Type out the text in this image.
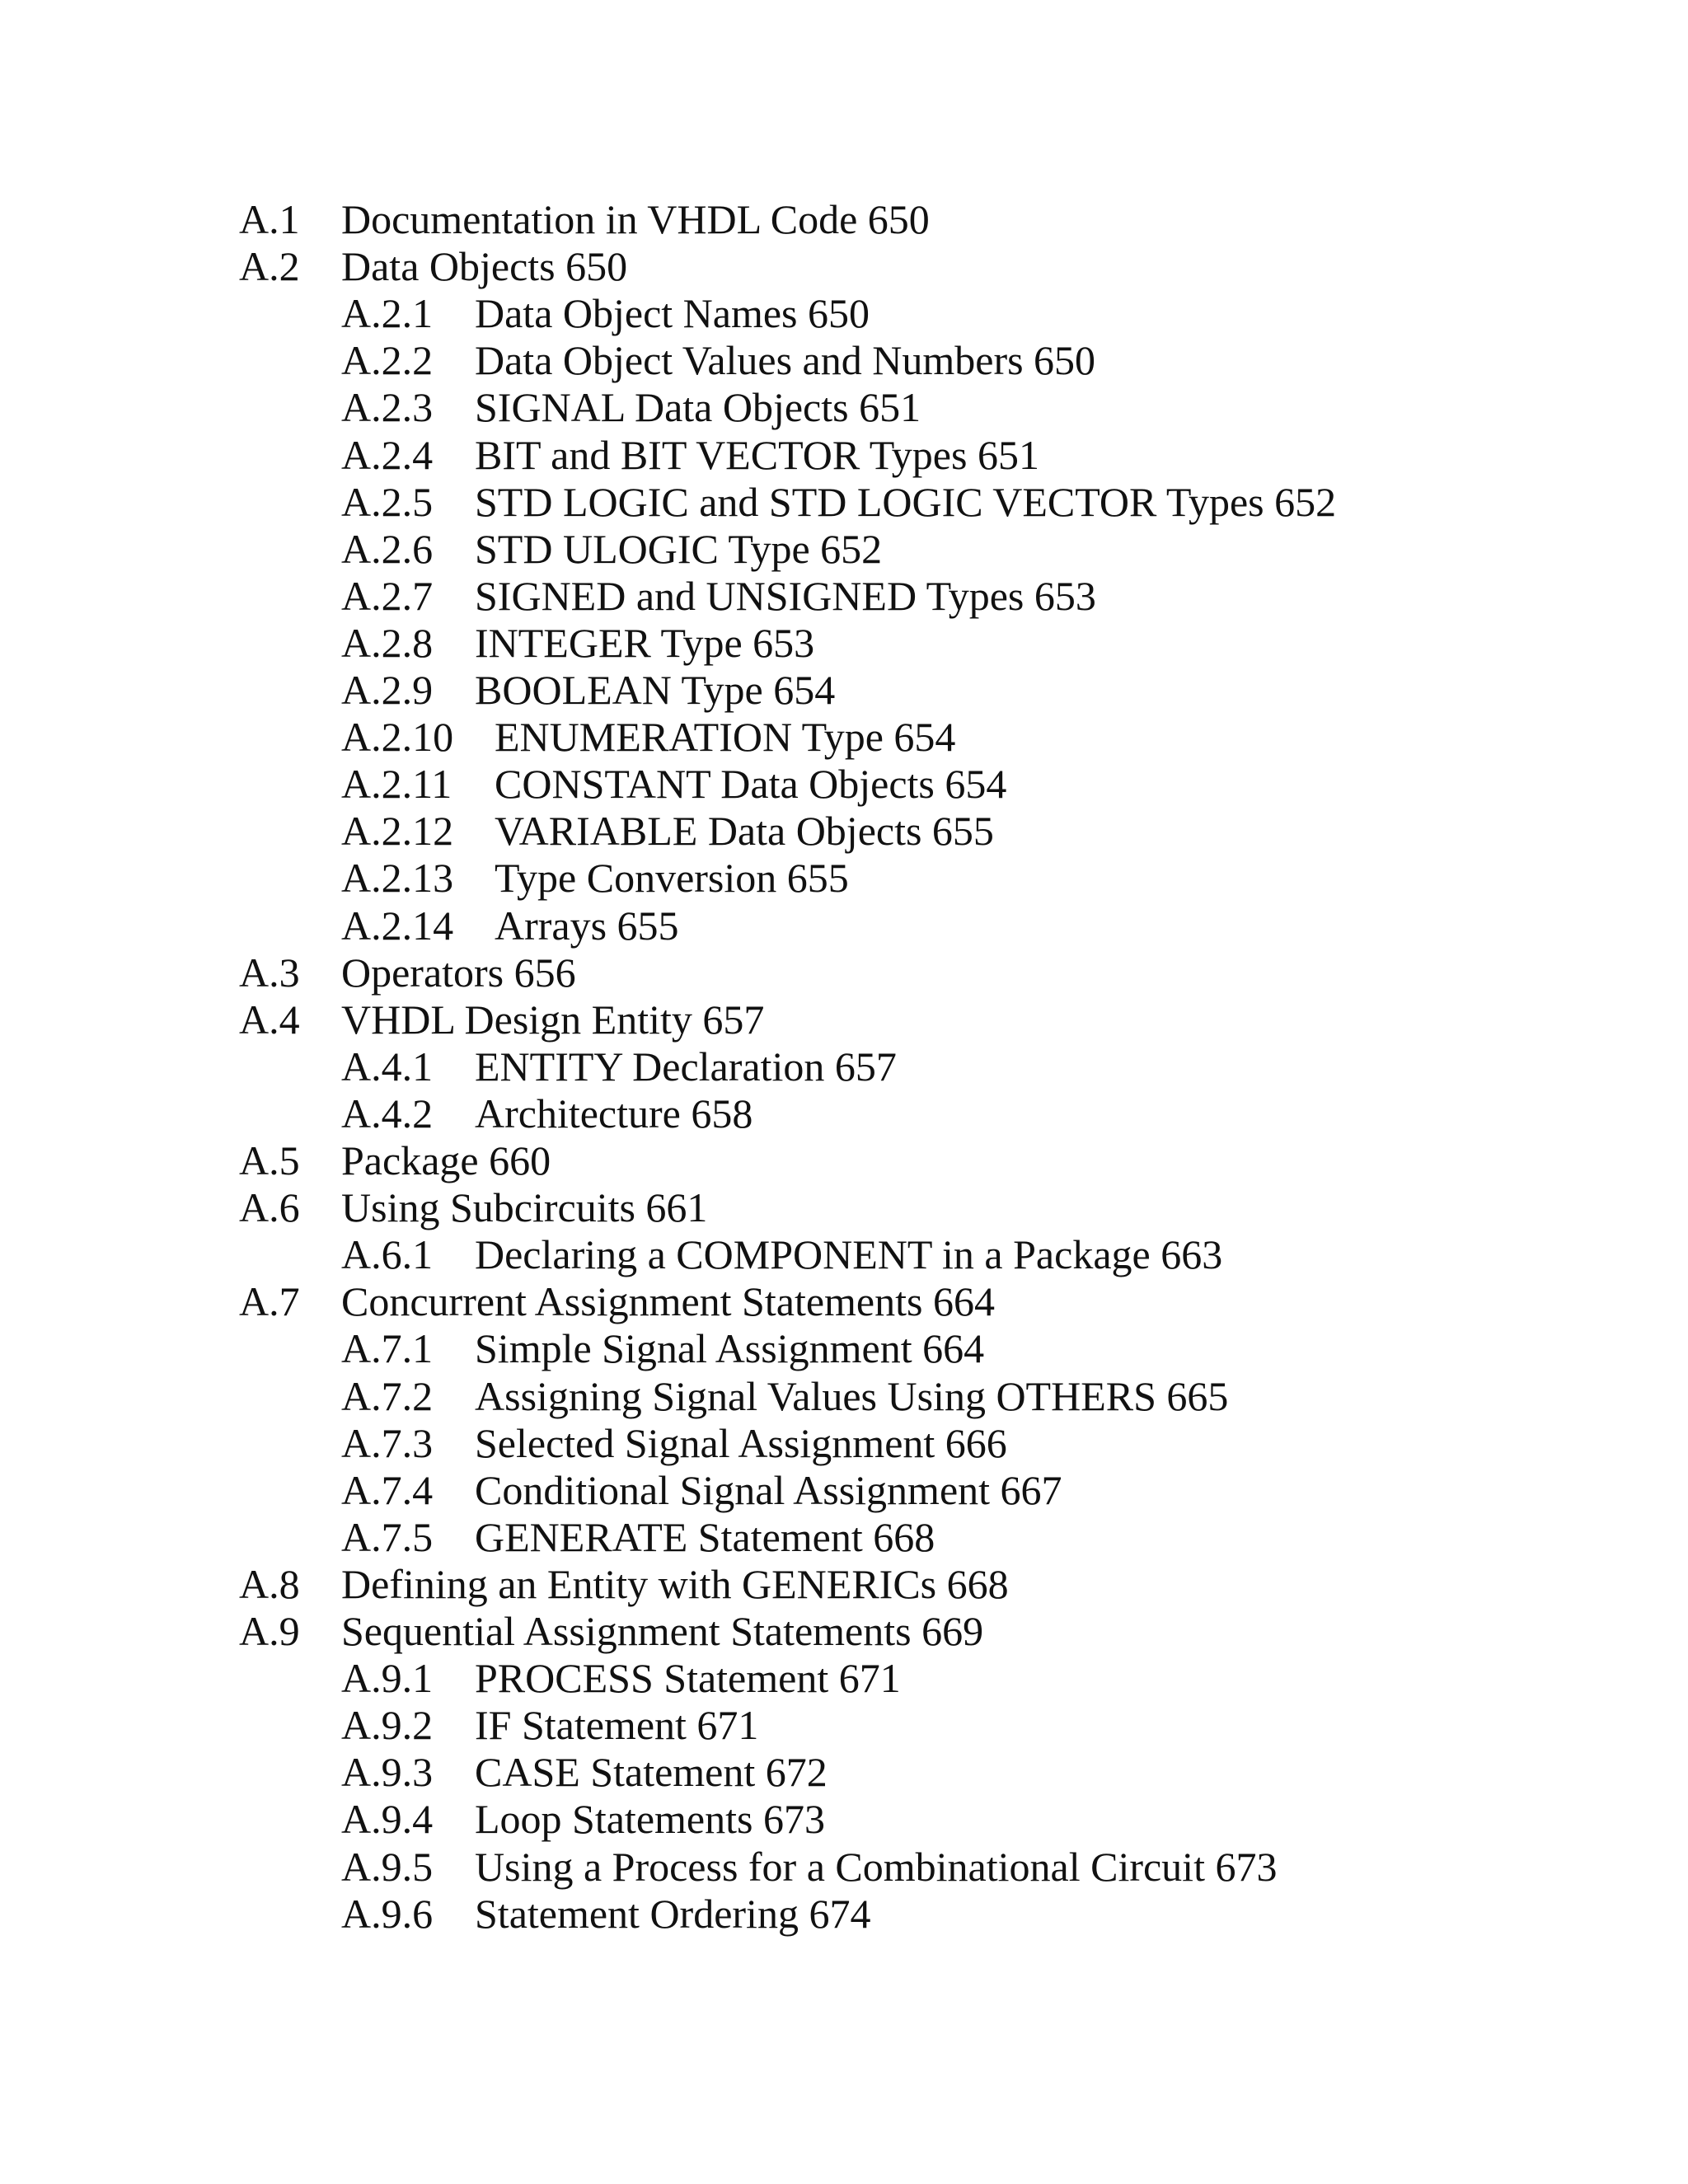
A.1 Documentation in VHDL Code 650
A.2 Data Objects 650
A.2.1 Data Object Names 650
A.2.2 Data Object Values and Numbers 650
A.2.3 SIGNAL Data Objects 651
A.2.4 BIT and BIT VECTOR Types 651
A.2.5 STD LOGIC and STD LOGIC VECTOR Types 652
A.2.6 STD ULOGIC Type 652
A.2.7 SIGNED and UNSIGNED Types 653
A.2.8 INTEGER Type 653
A.2.9 BOOLEAN Type 654
A.2.10 ENUMERATION Type 654
A.2.11 CONSTANT Data Objects 654
A.2.12 VARIABLE Data Objects 655
A.2.13 Type Conversion 655
A.2.14 Arrays 655
A.3 Operators 656
A.4 VHDL Design Entity 657
A.4.1 ENTITY Declaration 657
A.4.2 Architecture 658
A.5 Package 660
A.6 Using Subcircuits 661
A.6.1 Declaring a COMPONENT in a Package 663
A.7 Concurrent Assignment Statements 664
A.7.1 Simple Signal Assignment 664
A.7.2 Assigning Signal Values Using OTHERS 665
A.7.3 Selected Signal Assignment 666
A.7.4 Conditional Signal Assignment 667
A.7.5 GENERATE Statement 668
A.8 Defining an Entity with GENERICs 668
A.9 Sequential Assignment Statements 669
A.9.1 PROCESS Statement 671
A.9.2 IF Statement 671
A.9.3 CASE Statement 672
A.9.4 Loop Statements 673
A.9.5 Using a Process for a Combinational Circuit 673
A.9.6 Statement Ordering 674
